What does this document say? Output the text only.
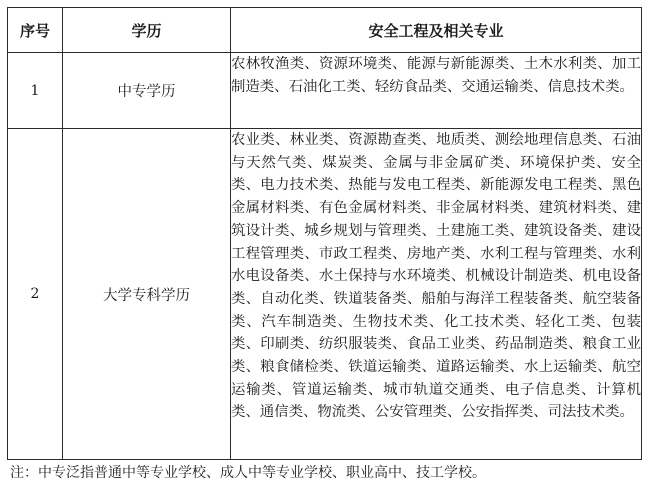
序号	学历	安全工程及相关专业
1	中专学历	农林牧渔类、资源环境类、能源与新能源类、土木水利类、加工制造类、石油化工类、轻纺食品类、交通运输类、信息技术类。
2	大学专科学历	农业类、林业类、资源勘查类、地质类、测绘地理信息类、石油与天然气类、煤炭类、金属与非金属矿类、环境保护类、安全类、电力技术类、热能与发电工程类、新能源发电工程类、黑色金属材料类、有色金属材料类、非金属材料类、建筑材料类、建筑设计类、城乡规划与管理类、土建施工类、建筑设备类、建设工程管理类、市政工程类、房地产类、水利工程与管理类、水利水电设备类、水土保持与水环境类、机械设计制造类、机电设备类、自动化类、铁道装备类、船舶与海洋工程装备类、航空装备类、汽车制造类、生物技术类、化工技术类、轻化工类、包装类、印刷类、纺织服装类、食品工业类、药品制造类、粮食工业类、粮食储检类、铁道运输类、道路运输类、水上运输类、航空运输类、管道运输类、城市轨道交通类、电子信息类、计算机类、通信类、物流类、公安管理类、公安指挥类、司法技术类。
注：中专泛指普通中等专业学校、成人中等专业学校、职业高中、技工学校。
